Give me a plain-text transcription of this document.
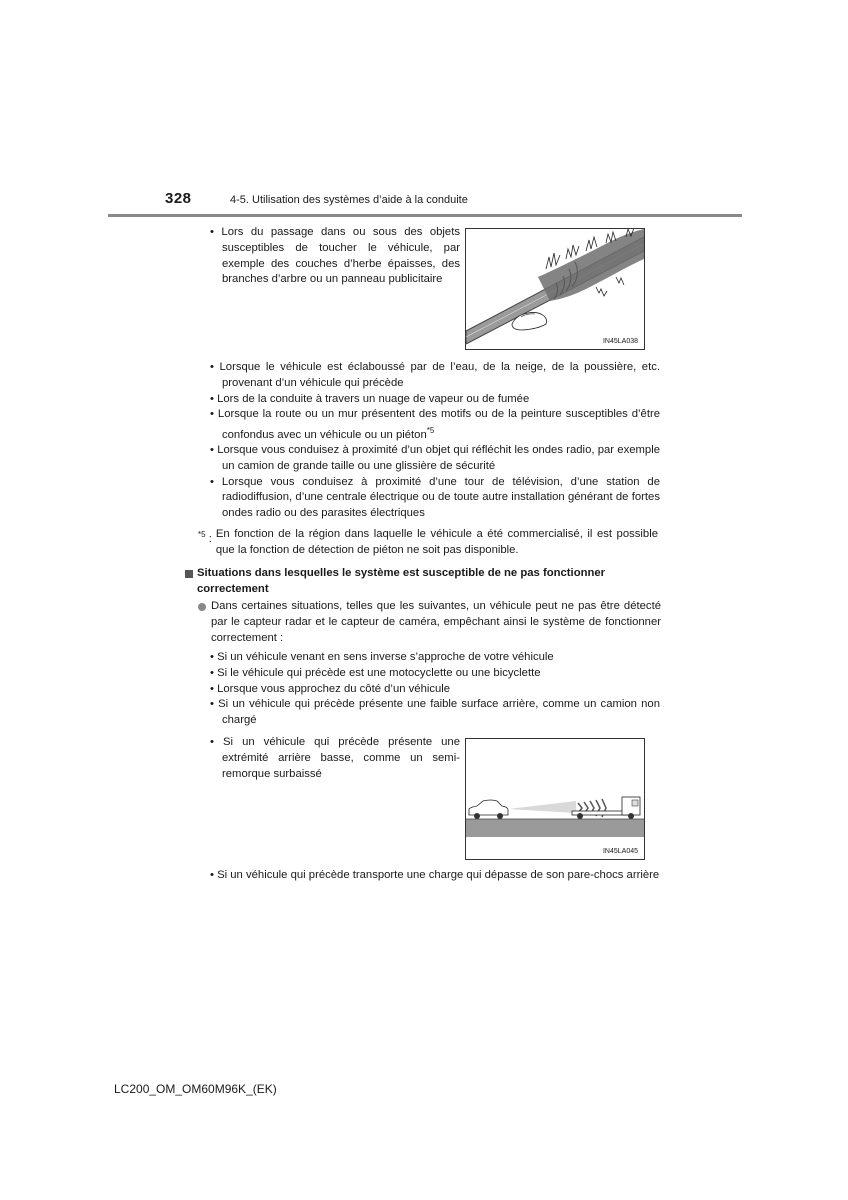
328	4-5. Utilisation des systèmes d’aide à la conduite
• Lors du passage dans ou sous des objets susceptibles de toucher le véhicule, par exemple des couches d’herbe épaisses, des branches d’arbre ou un panneau publicitaire
IN45LA038
• Lorsque le véhicule est éclaboussé par de l’eau, de la neige, de la poussière, etc. provenant d’un véhicule qui précède
• Lors de la conduite à travers un nuage de vapeur ou de fumée
• Lorsque la route ou un mur présentent des motifs ou de la peinture susceptibles d’être confondus avec un véhicule ou un piéton$^{*5}$
• Lorsque vous conduisez à proximité d’un objet qui réfléchit les ondes radio, par exemple un camion de grande taille ou une glissière de sécurité
• Lorsque vous conduisez à proximité d’une tour de télévision, d’une station de radiodiffusion, d’une centrale électrique ou de toute autre installation générant de fortes ondes radio ou des parasites électriques
$^{*5}$ : En fonction de la région dans laquelle le véhicule a été commercialisé, il est possible que la fonction de détection de piéton ne soit pas disponible.
Situations dans lesquelles le système est susceptible de ne pas fonctionner correctement
Dans certaines situations, telles que les suivantes, un véhicule peut ne pas être détecté par le capteur radar et le capteur de caméra, empêchant ainsi le système de fonctionner correctement :
• Si un véhicule venant en sens inverse s’approche de votre véhicule
• Si le véhicule qui précède est une motocyclette ou une bicyclette
• Lorsque vous approchez du côté d’un véhicule
• Si un véhicule qui précède présente une faible surface arrière, comme un camion non chargé
• Si un véhicule qui précède présente une extrémité arrière basse, comme un semi-remorque surbaissé
IN45LA045
• Si un véhicule qui précède transporte une charge qui dépasse de son pare-chocs arrière
LC200_OM_OM60M96K_(EK)
